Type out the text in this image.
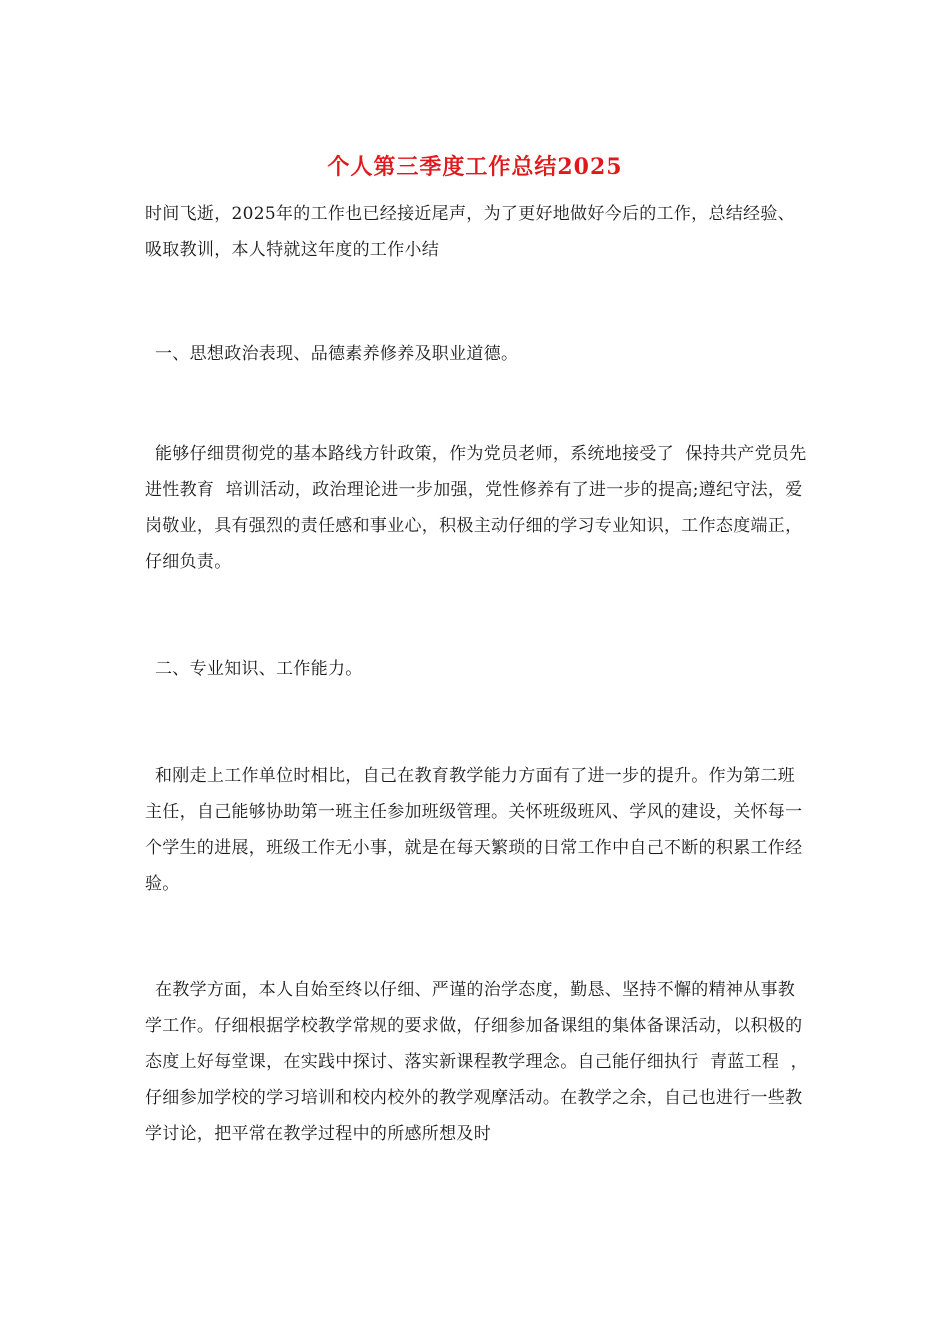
个人第三季度工作总结2025

时间飞逝，2025年的工作也已经接近尾声，为了更好地做好今后的工作，总结经验、吸取教训，本人特就这年度的工作小结

一、思想政治表现、品德素养修养及职业道德。

能够仔细贯彻党的基本路线方针政策，作为党员老师，系统地接受了  保持共产党员先进性教育  培训活动，政治理论进一步加强，党性修养有了进一步的提高;遵纪守法，爱岗敬业，具有强烈的责任感和事业心，积极主动仔细的学习专业知识，工作态度端正，仔细负责。

二、专业知识、工作能力。

和刚走上工作单位时相比，自己在教育教学能力方面有了进一步的提升。作为第二班主任，自己能够协助第一班主任参加班级管理。关怀班级班风、学风的建设，关怀每一个学生的进展，班级工作无小事，就是在每天繁琐的日常工作中自己不断的积累工作经验。

在教学方面，本人自始至终以仔细、严谨的治学态度，勤恳、坚持不懈的精神从事教学工作。仔细根据学校教学常规的要求做，仔细参加备课组的集体备课活动，以积极的态度上好每堂课，在实践中探讨、落实新课程教学理念。自己能仔细执行  青蓝工程  ，仔细参加学校的学习培训和校内校外的教学观摩活动。在教学之余，自己也进行一些教学讨论，把平常在教学过程中的所感所想及时
